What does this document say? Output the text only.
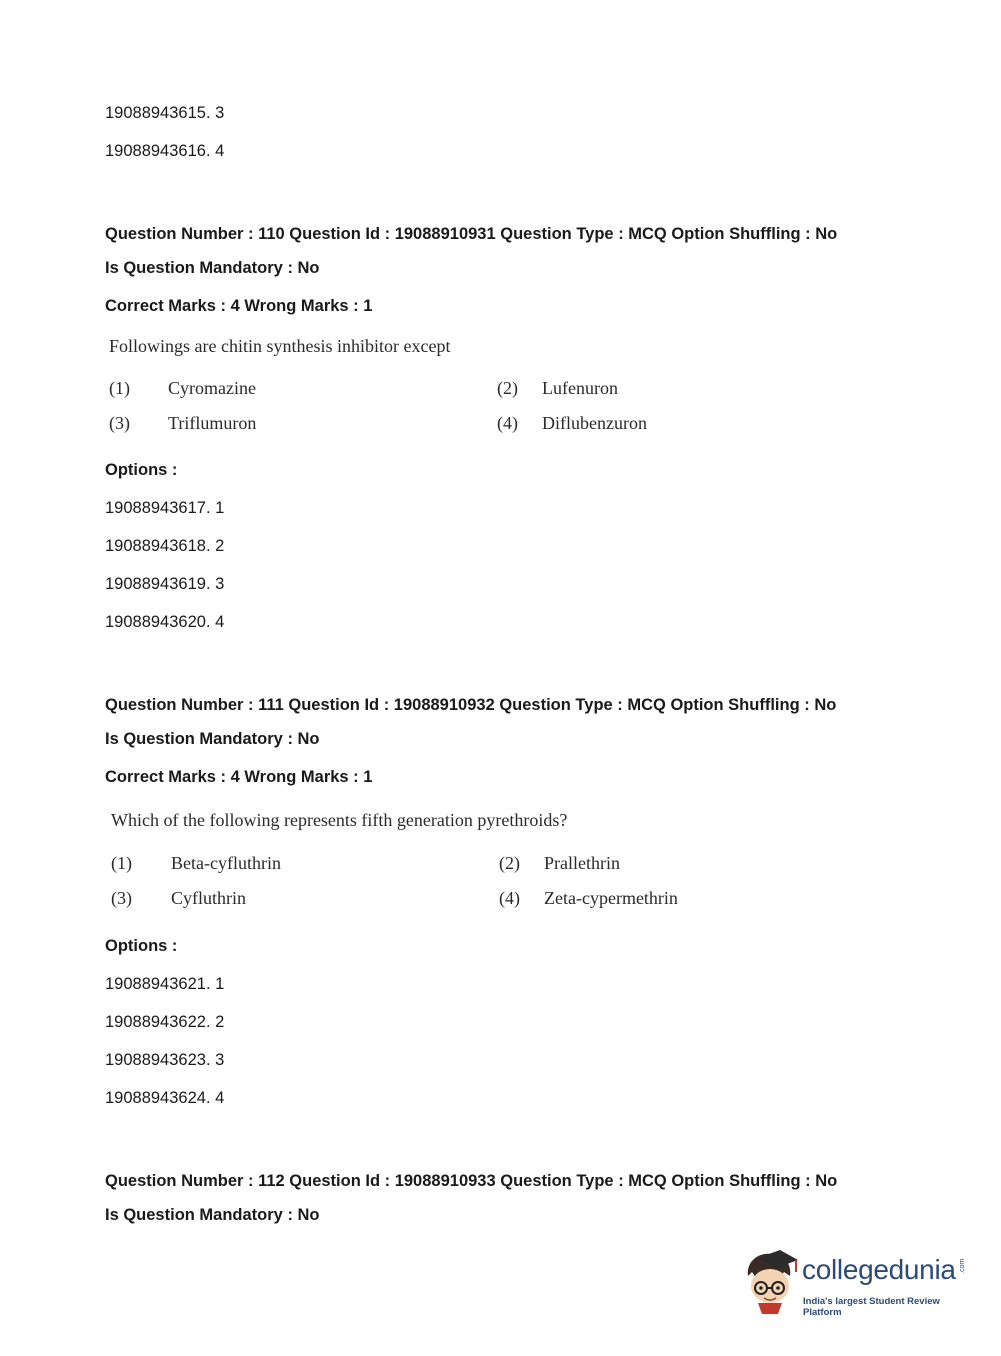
19088943615. 3
19088943616. 4
Question Number : 110 Question Id : 19088910931 Question Type : MCQ Option Shuffling : No
Is Question Mandatory : No
Correct Marks : 4 Wrong Marks : 1
Followings are chitin synthesis inhibitor except
(1) Cyromazine	(2) Lufenuron
(3) Triflumuron	(4) Diflubenzuron
Options :
19088943617. 1
19088943618. 2
19088943619. 3
19088943620. 4
Question Number : 111 Question Id : 19088910932 Question Type : MCQ Option Shuffling : No
Is Question Mandatory : No
Correct Marks : 4 Wrong Marks : 1
Which of the following represents fifth generation pyrethroids?
(1) Beta-cyfluthrin	(2) Prallethrin
(3) Cyfluthrin	(4) Zeta-cypermethrin
Options :
19088943621. 1
19088943622. 2
19088943623. 3
19088943624. 4
Question Number : 112 Question Id : 19088910933 Question Type : MCQ Option Shuffling : No
Is Question Mandatory : No
collegedunia .com
India's largest Student Review Platform
